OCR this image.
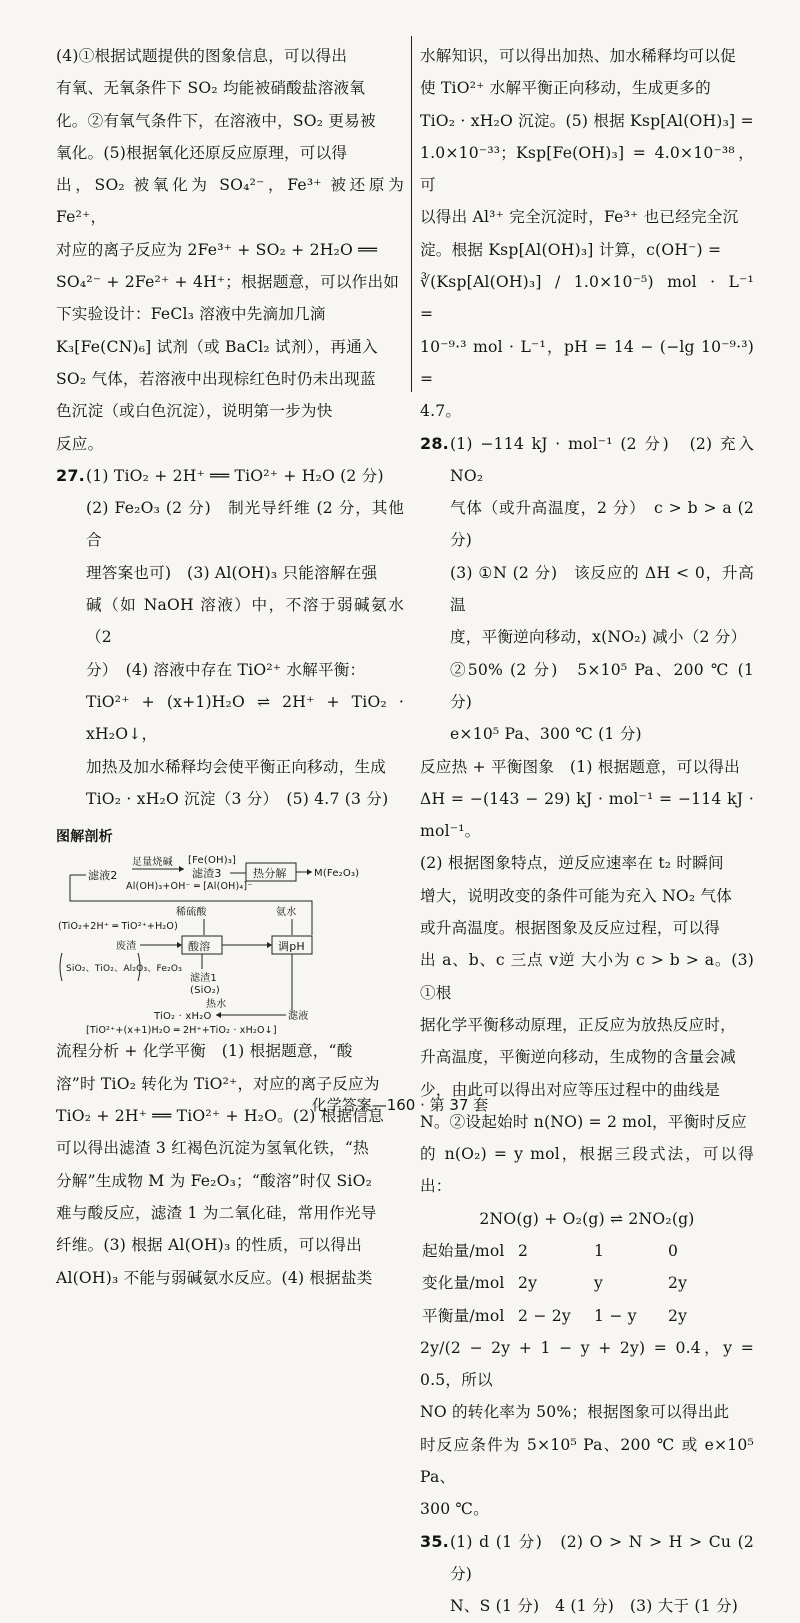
(4)①根据试题提供的图象信息，可以得出

有氧、无氧条件下 SO₂ 均能被硝酸盐溶液氧

化。②有氧气条件下，在溶液中，SO₂ 更易被

氧化。(5)根据氧化还原反应原理，可以得

出，SO₂ 被氧化为 SO₄²⁻，Fe³⁺ 被还原为 Fe²⁺，

对应的离子反应为 2Fe³⁺ + SO₂ + 2H₂O ══

SO₄²⁻ + 2Fe²⁺ + 4H⁺；根据题意，可以作出如

下实验设计：FeCl₃ 溶液中先滴加几滴

K₃[Fe(CN)₆] 试剂（或 BaCl₂ 试剂），再通入

SO₂ 气体，若溶液中出现棕红色时仍未出现蓝

色沉淀（或白色沉淀），说明第一步为快

反应。

27.(1) TiO₂ + 2H⁺ ══ TiO²⁺ + H₂O (2 分)

(2) Fe₂O₃ (2 分)　制光导纤维 (2 分，其他合

理答案也可)　(3) Al(OH)₃ 只能溶解在强

碱（如 NaOH 溶液）中，不溶于弱碱氨水（2

分）　(4) 溶液中存在 TiO²⁺ 水解平衡：

TiO²⁺ + (x+1)H₂O ⇌ 2H⁺ + TiO₂ · xH₂O↓，

加热及加水稀释均会使平衡正向移动，生成

TiO₂ · xH₂O 沉淀（3 分）　(5) 4.7 (3 分)

图解剖析
滤液2
足量烧碱 [Fe(OH)₃]
滤渣3	热分解	M(Fe₂O₃)
Al(OH)₃+OH⁻ ═ [Al(OH)₄]⁻
稀硫酸	氨水
(TiO₂+2H⁺ ═ TiO²⁺+H₂O)
废渣	酸溶	调pH
SiO₂、TiO₂、Al₂O₃、Fe₂O₃
滤渣1
(SiO₂)
热水
TiO₂ · xH₂O	滤液
[TiO²⁺+(x+1)H₂O ═ 2H⁺+TiO₂ · xH₂O↓]

流程分析 + 化学平衡　(1) 根据题意，“酸

溶”时 TiO₂ 转化为 TiO²⁺，对应的离子反应为

TiO₂ + 2H⁺ ══ TiO²⁺ + H₂O。(2) 根据信息

可以得出滤渣 3 红褐色沉淀为氢氧化铁，“热

分解”生成物 M 为 Fe₂O₃；“酸溶”时仅 SiO₂

难与酸反应，滤渣 1 为二氧化硅，常用作光导

纤维。(3) 根据 Al(OH)₃ 的性质，可以得出

Al(OH)₃ 不能与弱碱氨水反应。(4) 根据盐类

水解知识，可以得出加热、加水稀释均可以促

使 TiO²⁺ 水解平衡正向移动，生成更多的

TiO₂ · xH₂O 沉淀。(5) 根据 Ksp[Al(OH)₃] =

1.0×10⁻³³；Ksp[Fe(OH)₃] = 4.0×10⁻³⁸，可

以得出 Al³⁺ 完全沉淀时，Fe³⁺ 也已经完全沉

淀。根据 Ksp[Al(OH)₃] 计算，c(OH⁻) =

∛(Ksp[Al(OH)₃] / 1.0×10⁻⁵) mol · L⁻¹　　=

10⁻⁹·³ mol · L⁻¹，pH = 14 − (−lg 10⁻⁹·³) =

4.7。

28.(1) −114 kJ · mol⁻¹ (2 分)　(2) 充入 NO₂

气体（或升高温度，2 分）　c > b > a (2 分)

(3) ①N (2 分)　该反应的 ΔH < 0，升高温

度，平衡逆向移动，x(NO₂) 减小（2 分）

②50% (2 分)　5×10⁵ Pa、200 ℃ (1 分)

e×10⁵ Pa、300 ℃ (1 分)

反应热 + 平衡图象　(1) 根据题意，可以得出

ΔH = −(143 − 29) kJ · mol⁻¹ = −114 kJ · mol⁻¹。

(2) 根据图象特点，逆反应速率在 t₂ 时瞬间

增大，说明改变的条件可能为充入 NO₂ 气体

或升高温度。根据图象及反应过程，可以得

出 a、b、c 三点 v逆 大小为 c > b > a。(3) ①根

据化学平衡移动原理，正反应为放热反应时，

升高温度，平衡逆向移动，生成物的含量会减

少，由此可以得出对应等压过程中的曲线是

N。②设起始时 n(NO) = 2 mol，平衡时反应

的 n(O₂) = y mol，根据三段式法，可以得出：

2NO(g) + O₂(g) ⇌ 2NO₂(g)

起始量/mol 2	1	0
变化量/mol 2y	y	2y
平衡量/mol 2 − 2y	1 − y	2y

2y/(2 − 2y + 1 − y + 2y) = 0.4，y = 0.5，所以

NO 的转化率为 50%；根据图象可以得出此

时反应条件为 5×10⁵ Pa、200 ℃ 或 e×10⁵ Pa、

300 ℃。

35.(1) d (1 分)　(2) O > N > H > Cu (2 分)

N、S (1 分)　4 (1 分)　(3) 大于 (1 分)

化学答案—160 · 第 37 套
